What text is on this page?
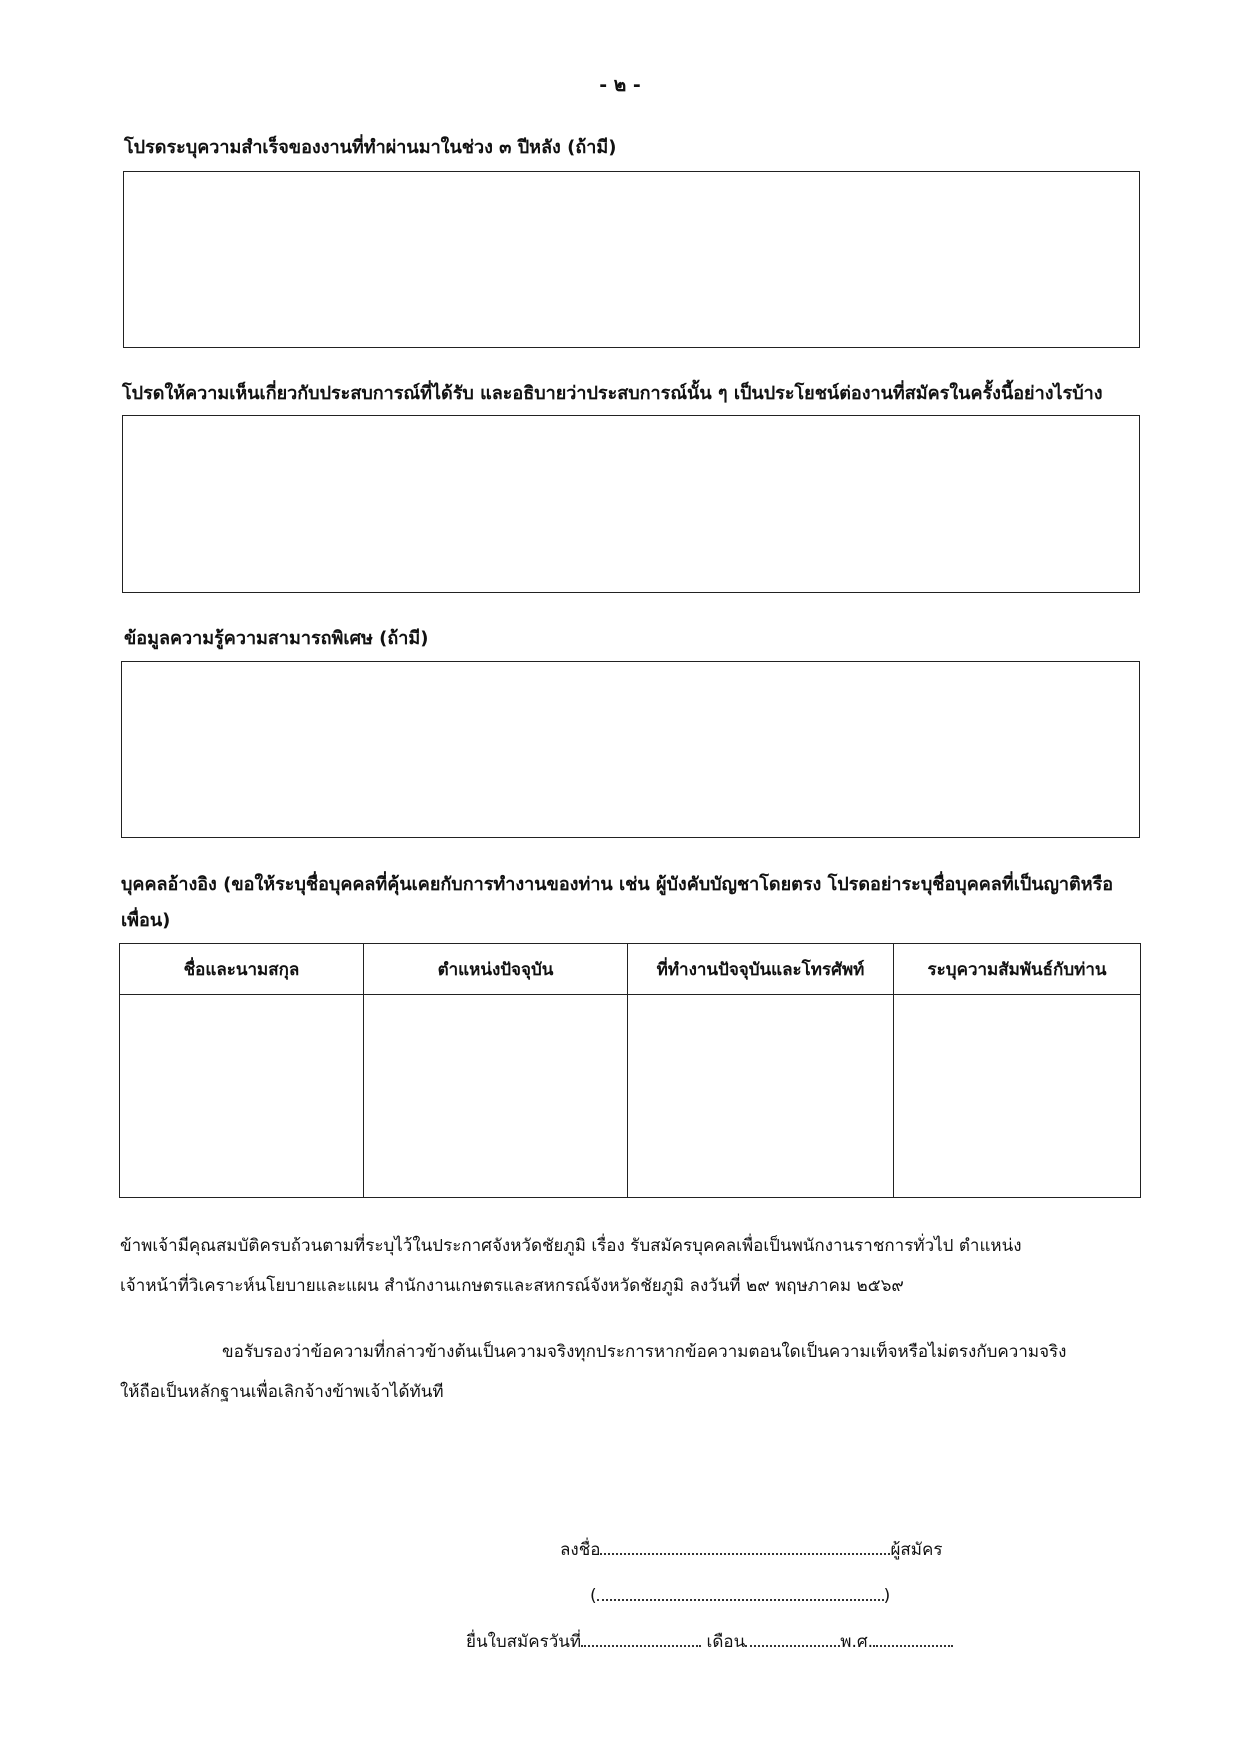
- ๒ -
โปรดระบุความสำเร็จของงานที่ทำผ่านมาในช่วง ๓ ปีหลัง (ถ้ามี)
โปรดให้ความเห็นเกี่ยวกับประสบการณ์ที่ได้รับ และอธิบายว่าประสบการณ์นั้น ๆ เป็นประโยชน์ต่องานที่สมัครในครั้งนี้อย่างไรบ้าง
ข้อมูลความรู้ความสามารถพิเศษ (ถ้ามี)
บุคคลอ้างอิง (ขอให้ระบุชื่อบุคคลที่คุ้นเคยกับการทำงานของท่าน เช่น ผู้บังคับบัญชาโดยตรง โปรดอย่าระบุชื่อบุคคลที่เป็นญาติหรือ
เพื่อน)
ชื่อและนามสกุล	ตำแหน่งปัจจุบัน	ที่ทำงานปัจจุบันและโทรศัพท์	ระบุความสัมพันธ์กับท่าน

ข้าพเจ้ามีคุณสมบัติครบถ้วนตามที่ระบุไว้ในประกาศจังหวัดชัยภูมิ เรื่อง รับสมัครบุคคลเพื่อเป็นพนักงานราชการทั่วไป ตำแหน่ง
เจ้าหน้าที่วิเคราะห์นโยบายและแผน สำนักงานเกษตรและสหกรณ์จังหวัดชัยภูมิ ลงวันที่ ๒๙ พฤษภาคม ๒๕๖๙
ขอรับรองว่าข้อความที่กล่าวข้างต้นเป็นความจริงทุกประการหากข้อความตอนใดเป็นความเท็จหรือไม่ตรงกับความจริง
ให้ถือเป็นหลักฐานเพื่อเลิกจ้างข้าพเจ้าได้ทันที
ลงชื่อ	ผู้สมัคร
(	)
ยื่นใบสมัครวันที่	เดือน	พ.ศ.
